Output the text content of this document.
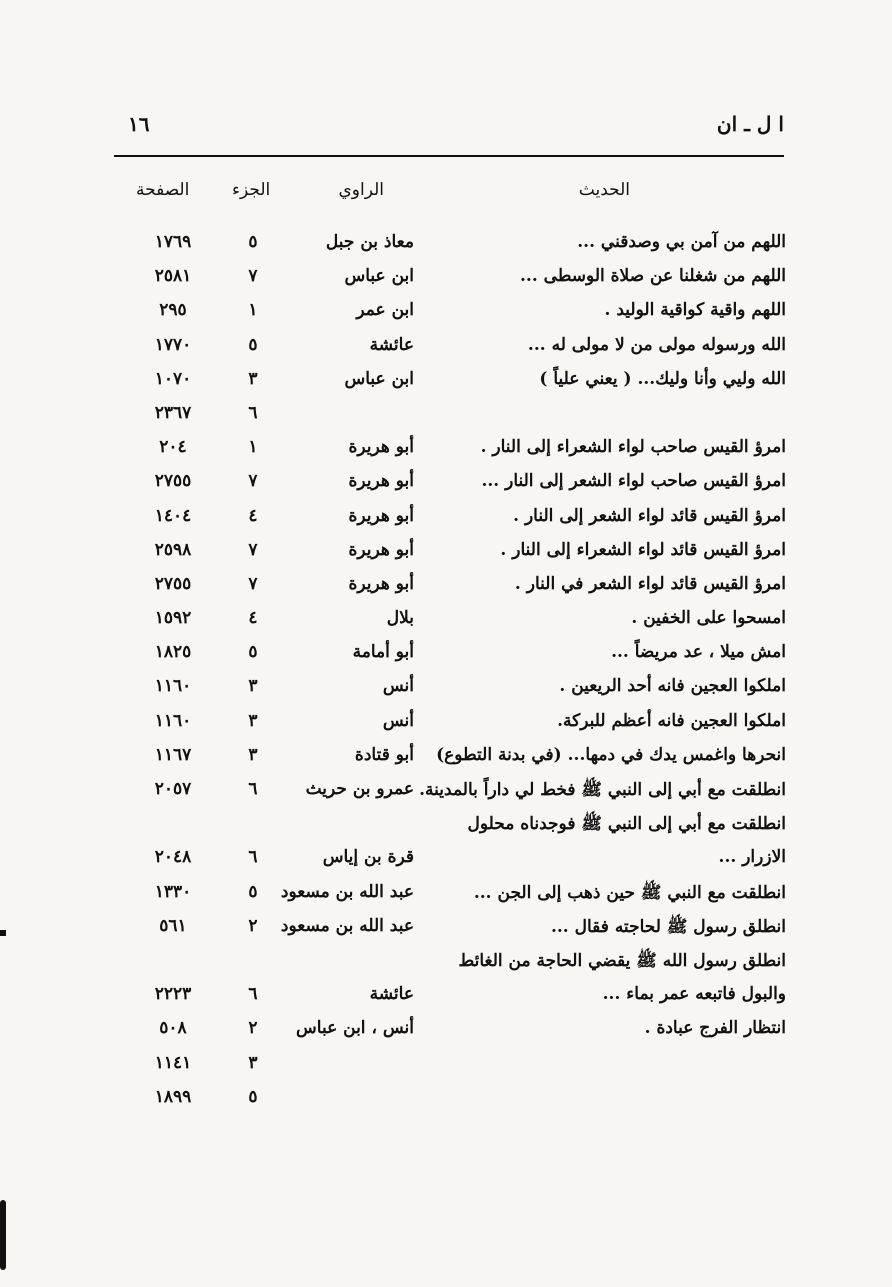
ا ل ـ ان
١٦
الحديث
الراوي
الجزء
الصفحة
اللهم من آمن بي وصدقني ...
معاذ بن جبل
٥
١٧٦٩
اللهم من شغلنا عن صلاة الوسطى ...
ابن عباس
٧
٢٥٨١
اللهم واقية كواقية الوليد .
ابن عمر
١
٢٩٥
الله ورسوله مولى من لا مولى له ...
عائشة
٥
١٧٧٠
الله وليي وأنا وليك... ( يعني علياً )
ابن عباس
٣
١٠٧٠
٦
٢٣٦٧
امرؤ القيس صاحب لواء الشعراء إلى النار .
أبو هريرة
١
٢٠٤
امرؤ القيس صاحب لواء الشعر إلى النار ...
أبو هريرة
٧
٢٧٥٥
امرؤ القيس قائد لواء الشعر إلى النار .
أبو هريرة
٤
١٤٠٤
امرؤ القيس قائد لواء الشعراء إلى النار .
أبو هريرة
٧
٢٥٩٨
امرؤ القيس قائد لواء الشعر في النار .
أبو هريرة
٧
٢٧٥٥
امسحوا على الخفين .
بلال
٤
١٥٩٢
امش ميلا ، عد مريضاً ...
أبو أمامة
٥
١٨٢٥
املكوا العجين فانه أحد الريعين .
أنس
٣
١١٦٠
املكوا العجين فانه أعظم للبركة.
أنس
٣
١١٦٠
انحرها واغمس يدك في دمها... (في بدنة التطوع)
أبو قتادة
٣
١١٦٧
انطلقت مع أبي إلى النبي ﷺ فخط لي داراً بالمدينة.
عمرو بن حريث
٦
٢٠٥٧
انطلقت مع أبي إلى النبي ﷺ فوجدناه محلول
الازرار ...
قرة بن إياس
٦
٢٠٤٨
انطلقت مع النبي ﷺ حين ذهب إلى الجن ...
عبد الله بن مسعود
٥
١٣٣٠
انطلق رسول ﷺ لحاجته فقال ...
عبد الله بن مسعود
٢
٥٦١
انطلق رسول الله ﷺ يقضي الحاجة من الغائط
والبول فاتبعه عمر بماء ...
عائشة
٦
٢٢٢٣
انتظار الفرج عبادة .
أنس ، ابن عباس
٢
٥٠٨
٣
١١٤١
٥
١٨٩٩
